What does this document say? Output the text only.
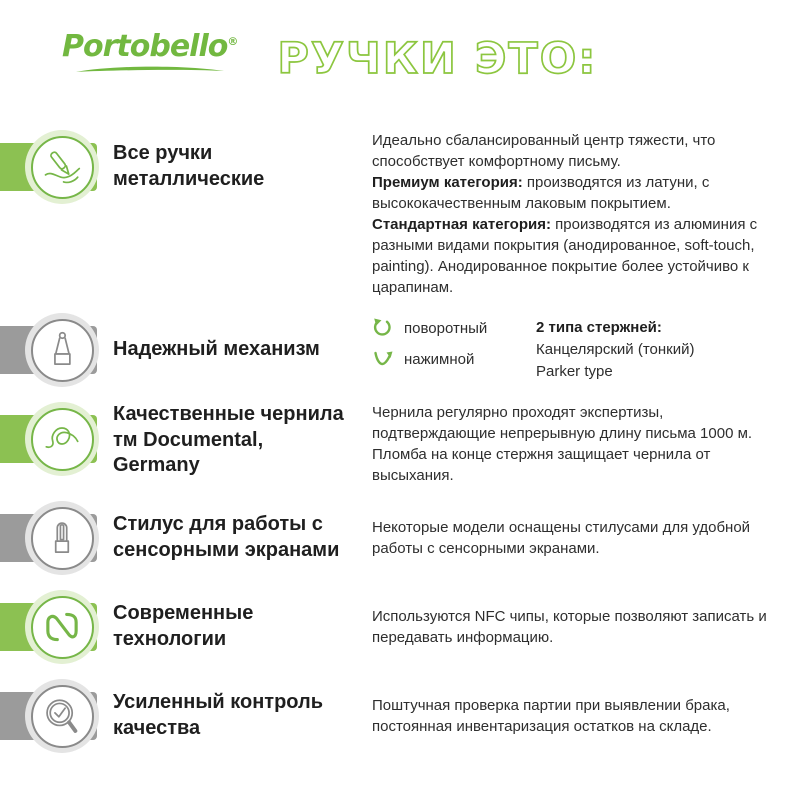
Portobello® РУЧКИ ЭТО:
Все ручки металлические

Идеально сбалансированный центр тяжести, что способствует комфортному письму.

Премиум категория: производятся из латуни, с высококачественным лаковым покрытием.

Стандартная категория: производятся из алюминия с разными видами покрытия (анодированное, soft-touch, painting). Анодированное покрытие более устойчиво к царапинам.

Надежный механизм
поворотный
нажимной
2 типа стержней:
Канцелярский (тонкий)
Parker type
Качественные чернила тм Documental, Germany

Чернила регулярно проходят экспертизы, подтверждающие непрерывную длину письма 1000 м. Пломба на конце стержня защищает чернила от высыхания.

Стилус для работы с сенсорными экранами

Некоторые модели оснащены стилусами для удобной работы с сенсорными экранами.

Современные технологии

Используются NFC чипы, которые позволяют записать и передавать информацию.

Усиленный контроль качества

Поштучная проверка партии при выявлении брака, постоянная инвентаризация остатков на складе.
